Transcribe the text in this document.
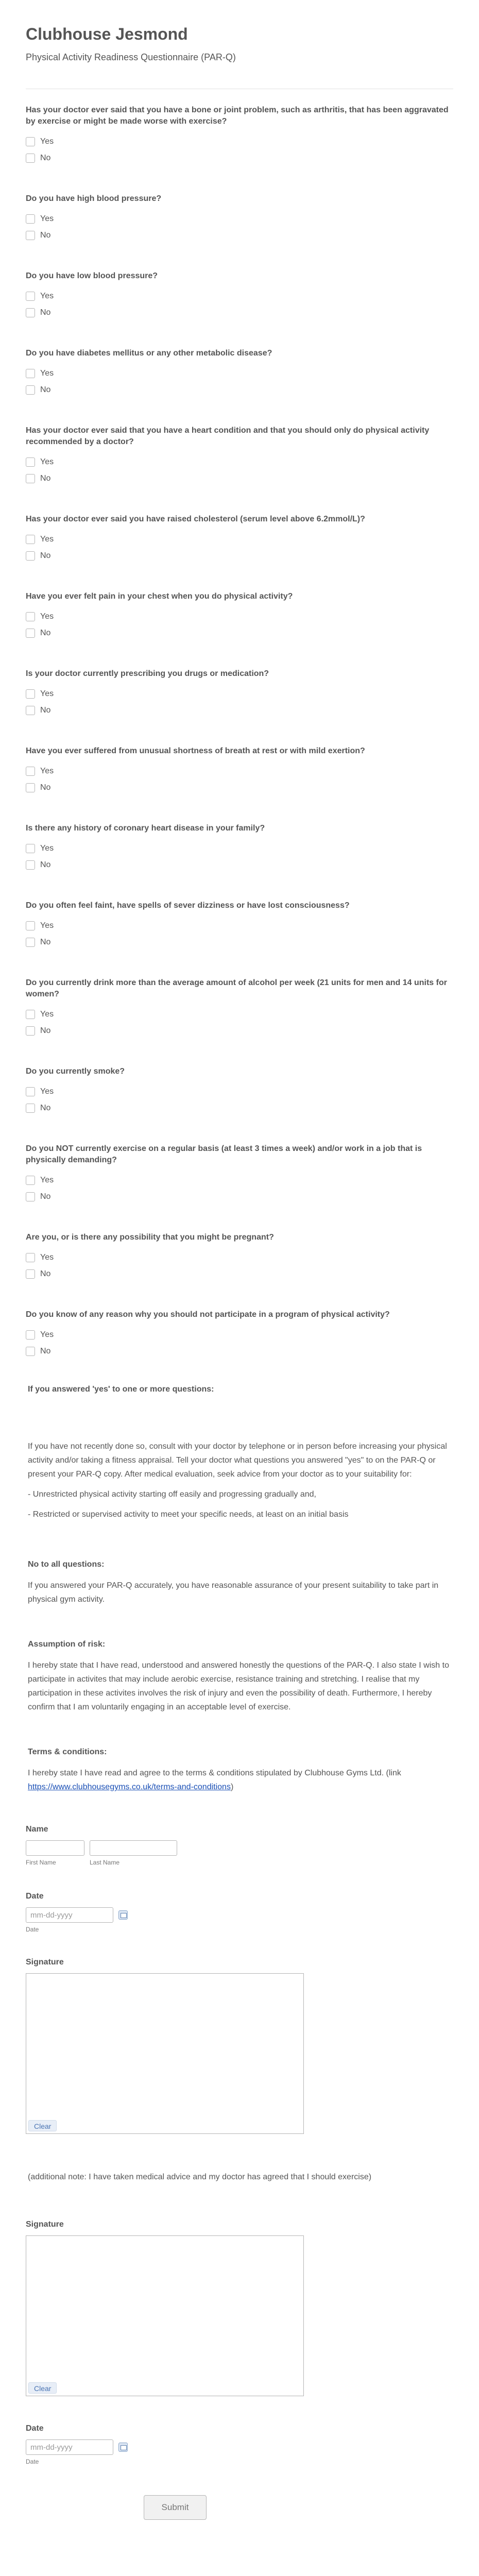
Clubhouse Jesmond
Physical Activity Readiness Questionnaire (PAR-Q)
Has your doctor ever said that you have a bone or joint problem, such as arthritis, that has been aggravated by exercise or might be made worse with exercise?
Yes
No
Do you have high blood pressure?
Yes
No
Do you have low blood pressure?
Yes
No
Do you have diabetes mellitus or any other metabolic disease?
Yes
No
Has your doctor ever said that you have a heart condition and that you should only do physical activity recommended by a doctor?
Yes
No
Has your doctor ever said you have raised cholesterol (serum level above 6.2mmol/L)?
Yes
No
Have you ever felt pain in your chest when you do physical activity?
Yes
No
Is your doctor currently prescribing you drugs or medication?
Yes
No
Have you ever suffered from unusual shortness of breath at rest or with mild exertion?
Yes
No
Is there any history of coronary heart disease in your family?
Yes
No
Do you often feel faint, have spells of sever dizziness or have lost consciousness?
Yes
No
Do you currently drink more than the average amount of alcohol per week (21 units for men and 14 units for women?
Yes
No
Do you currently smoke?
Yes
No
Do you NOT currently exercise on a regular basis (at least 3 times a week) and/or work in a job that is physically demanding?
Yes
No
Are you, or is there any possibility that you might be pregnant?
Yes
No
Do you know of any reason why you should not participate in a program of physical activity?
Yes
No
If you answered 'yes' to one or more questions:

If you have not recently done so, consult with your doctor by telephone or in person before increasing your physical activity and/or taking a fitness appraisal. Tell your doctor what questions you answered "yes" to on the PAR-Q or present your PAR-Q copy. After medical evaluation, seek advice from your doctor as to your suitability for:

- Unrestricted physical activity starting off easily and progressing gradually and,

- Restricted or supervised activity to meet your specific needs, at least on an initial basis

No to all questions:

If you answered your PAR-Q accurately, you have reasonable assurance of your present suitability to take part in physical gym activity.

Assumption of risk:

I hereby state that I have read, understood and answered honestly the questions of the PAR-Q. I also state I wish to participate in activites that may include aerobic exercise, resistance training and stretching. I realise that my participation in these activites involves the risk of injury and even the possibility of death. Furthermore, I hereby confirm that I am voluntarily engaging in an acceptable level of exercise.

Terms & conditions:

I hereby state I have read and agree to the terms & conditions stipulated by Clubhouse Gyms Ltd. (link https://www.clubhousegyms.co.uk/terms-and-conditions)

Name
First Name	Last Name
Date
mm-dd-yyyy
Date
Signature
Clear
(additional note: I have taken medical advice and my doctor has agreed that I should exercise)
Signature
Clear
Date
mm-dd-yyyy
Date
Submit
